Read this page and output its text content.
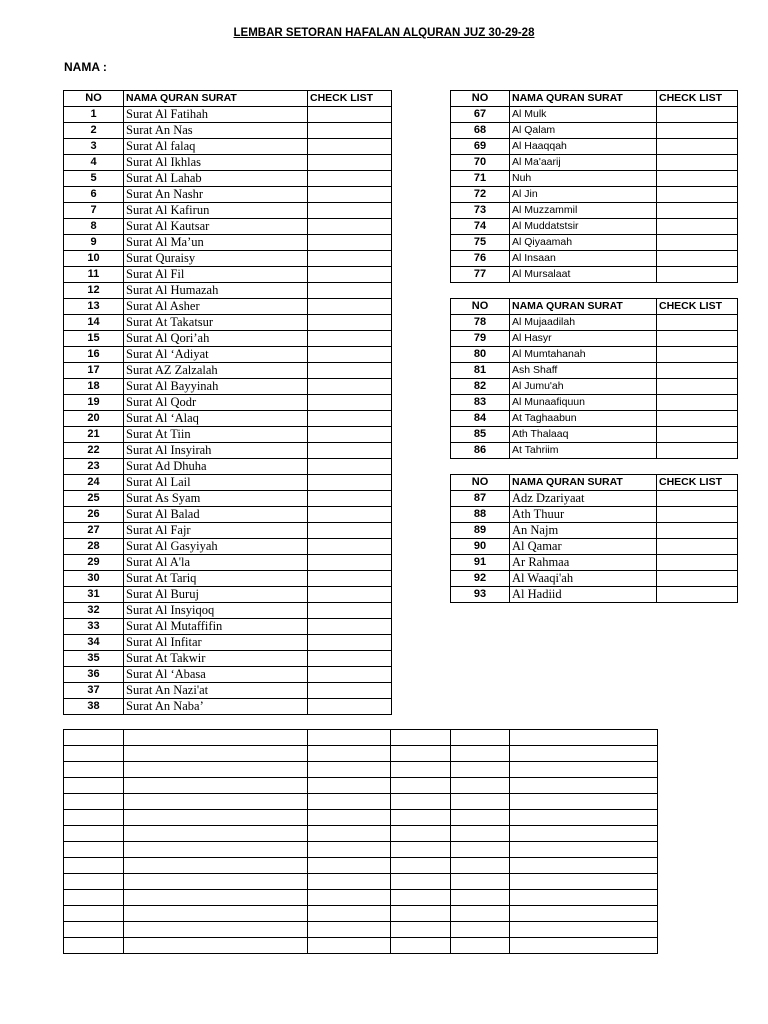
LEMBAR SETORAN HAFALAN ALQURAN JUZ 30-29-28
NAMA :
NO	NAMA QURAN SURAT	CHECK LIST
1	Surat Al Fatihah	
2	Surat An Nas	
3	Surat Al falaq	
4	Surat Al Ikhlas	
5	Surat Al Lahab	
6	Surat An Nashr	
7	Surat Al Kafirun	
8	Surat Al Kautsar	
9	Surat Al Ma’un	
10	Surat Quraisy	
11	Surat Al Fil	
12	Surat Al Humazah	
13	Surat Al Asher	
14	Surat At Takatsur	
15	Surat Al Qori’ah	
16	Surat Al ‘Adiyat	
17	Surat AZ Zalzalah	
18	Surat Al Bayyinah	
19	Surat Al Qodr	
20	Surat Al ‘Alaq	
21	Surat At Tiin	
22	Surat Al Insyirah	
23	Surat Ad Dhuha	
24	Surat Al Lail	
25	Surat As Syam	
26	Surat Al Balad	
27	Surat Al Fajr	
28	Surat Al Gasyiyah	
29	Surat Al A'la	
30	Surat At Tariq	
31	Surat Al Buruj	
32	Surat Al Insyiqoq	
33	Surat Al Mutaffifin	
34	Surat Al Infitar	
35	Surat At Takwir	
36	Surat Al ‘Abasa	
37	Surat An Nazi'at	
38	Surat An Naba’	
NO	NAMA QURAN SURAT	CHECK LIST
67	Al Mulk	
68	Al Qalam	
69	Al Haaqqah	
70	Al Ma'aarij	
71	Nuh	
72	Al Jin	
73	Al Muzzammil	
74	Al Muddatstsir	
75	Al Qiyaamah	
76	Al Insaan	
77	Al Mursalaat	
NO	NAMA QURAN SURAT	CHECK LIST
78	Al Mujaadilah	
79	Al Hasyr	
80	Al Mumtahanah	
81	Ash Shaff	
82	Al Jumu'ah	
83	Al Munaafiquun	
84	At Taghaabun	
85	Ath Thalaaq	
86	At Tahriim	
NO	NAMA QURAN SURAT	CHECK LIST
87	Adz Dzariyaat	
88	Ath Thuur	
89	An Najm	
90	Al Qamar	
91	Ar Rahmaa	
92	Al Waaqi'ah	
93	Al Hadiid	
